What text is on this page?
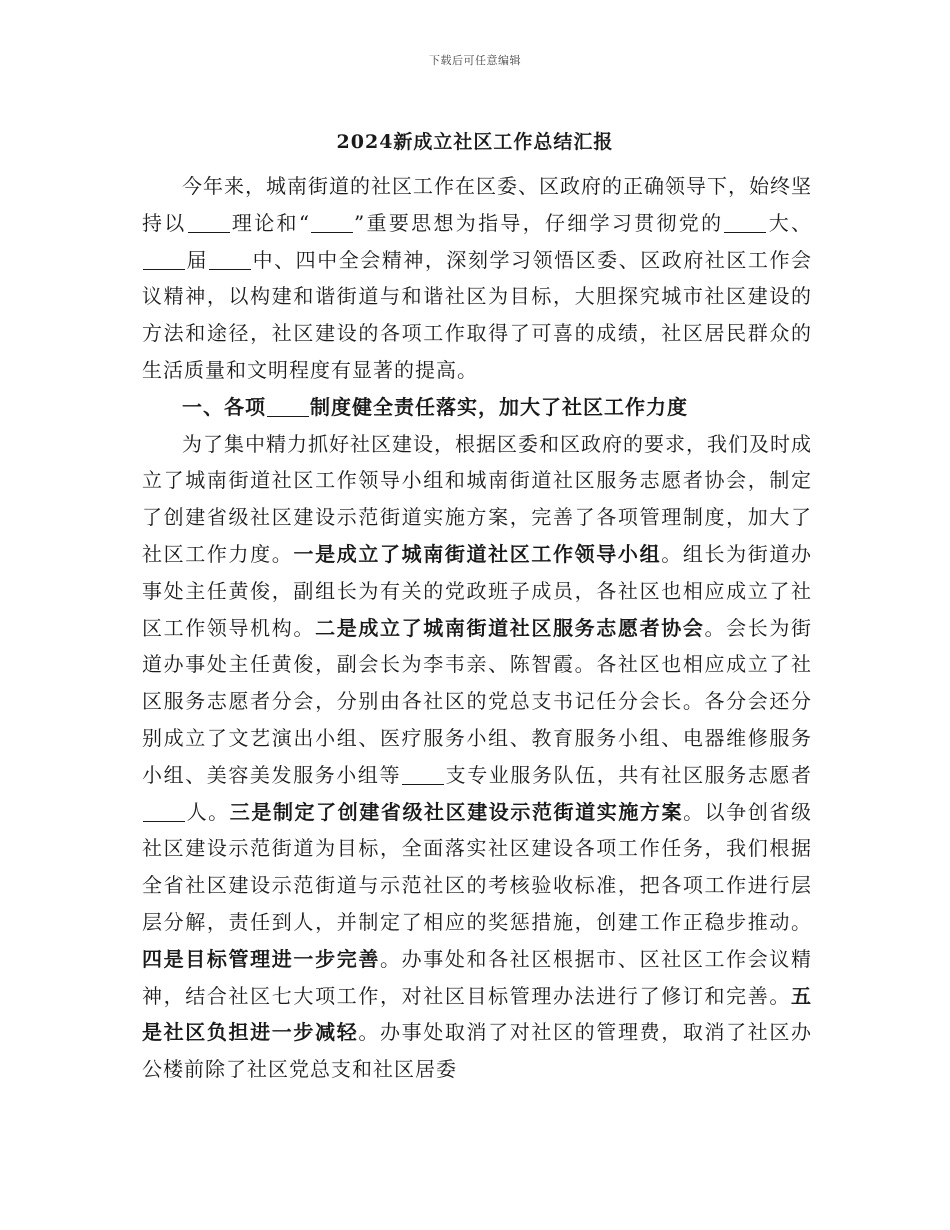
下载后可任意编辑
2024新成立社区工作总结汇报

今年来，城南街道的社区工作在区委、区政府的正确领导下，始终坚持以 理论和“ ”重要思想为指导，仔细学习贯彻党的 大、届 中、四中全会精神，深刻学习领悟区委、区政府社区工作会议精神，以构建和谐街道与和谐社区为目标，大胆探究城市社区建设的方法和途径，社区建设的各项工作取得了可喜的成绩，社区居民群众的生活质量和文明程度有显著的提高。

一、各项 制度健全责任落实，加大了社区工作力度

为了集中精力抓好社区建设，根据区委和区政府的要求，我们及时成立了城南街道社区工作领导小组和城南街道社区服务志愿者协会，制定了创建省级社区建设示范街道实施方案，完善了各项管理制度，加大了社区工作力度。一是成立了城南街道社区工作领导小组。组长为街道办事处主任黄俊，副组长为有关的党政班子成员，各社区也相应成立了社区工作领导机构。二是成立了城南街道社区服务志愿者协会。会长为街道办事处主任黄俊，副会长为李韦亲、陈智霞。各社区也相应成立了社区服务志愿者分会，分别由各社区的党总支书记任分会长。各分会还分别成立了文艺演出小组、医疗服务小组、教育服务小组、电器维修服务小组、美容美发服务小组等 支专业服务队伍，共有社区服务志愿者人。三是制定了创建省级社区建设示范街道实施方案。以争创省级社区建设示范街道为目标，全面落实社区建设各项工作任务，我们根据全省社区建设示范街道与示范社区的考核验收标准，把各项工作进行层层分解，责任到人，并制定了相应的奖惩措施，创建工作正稳步推动。四是目标管理进一步完善。办事处和各社区根据市、区社区工作会议精神，结合社区七大项工作，对社区目标管理办法进行了修订和完善。五是社区负担进一步减轻。办事处取消了对社区的管理费，取消了社区办公楼前除了社区党总支和社区居委
